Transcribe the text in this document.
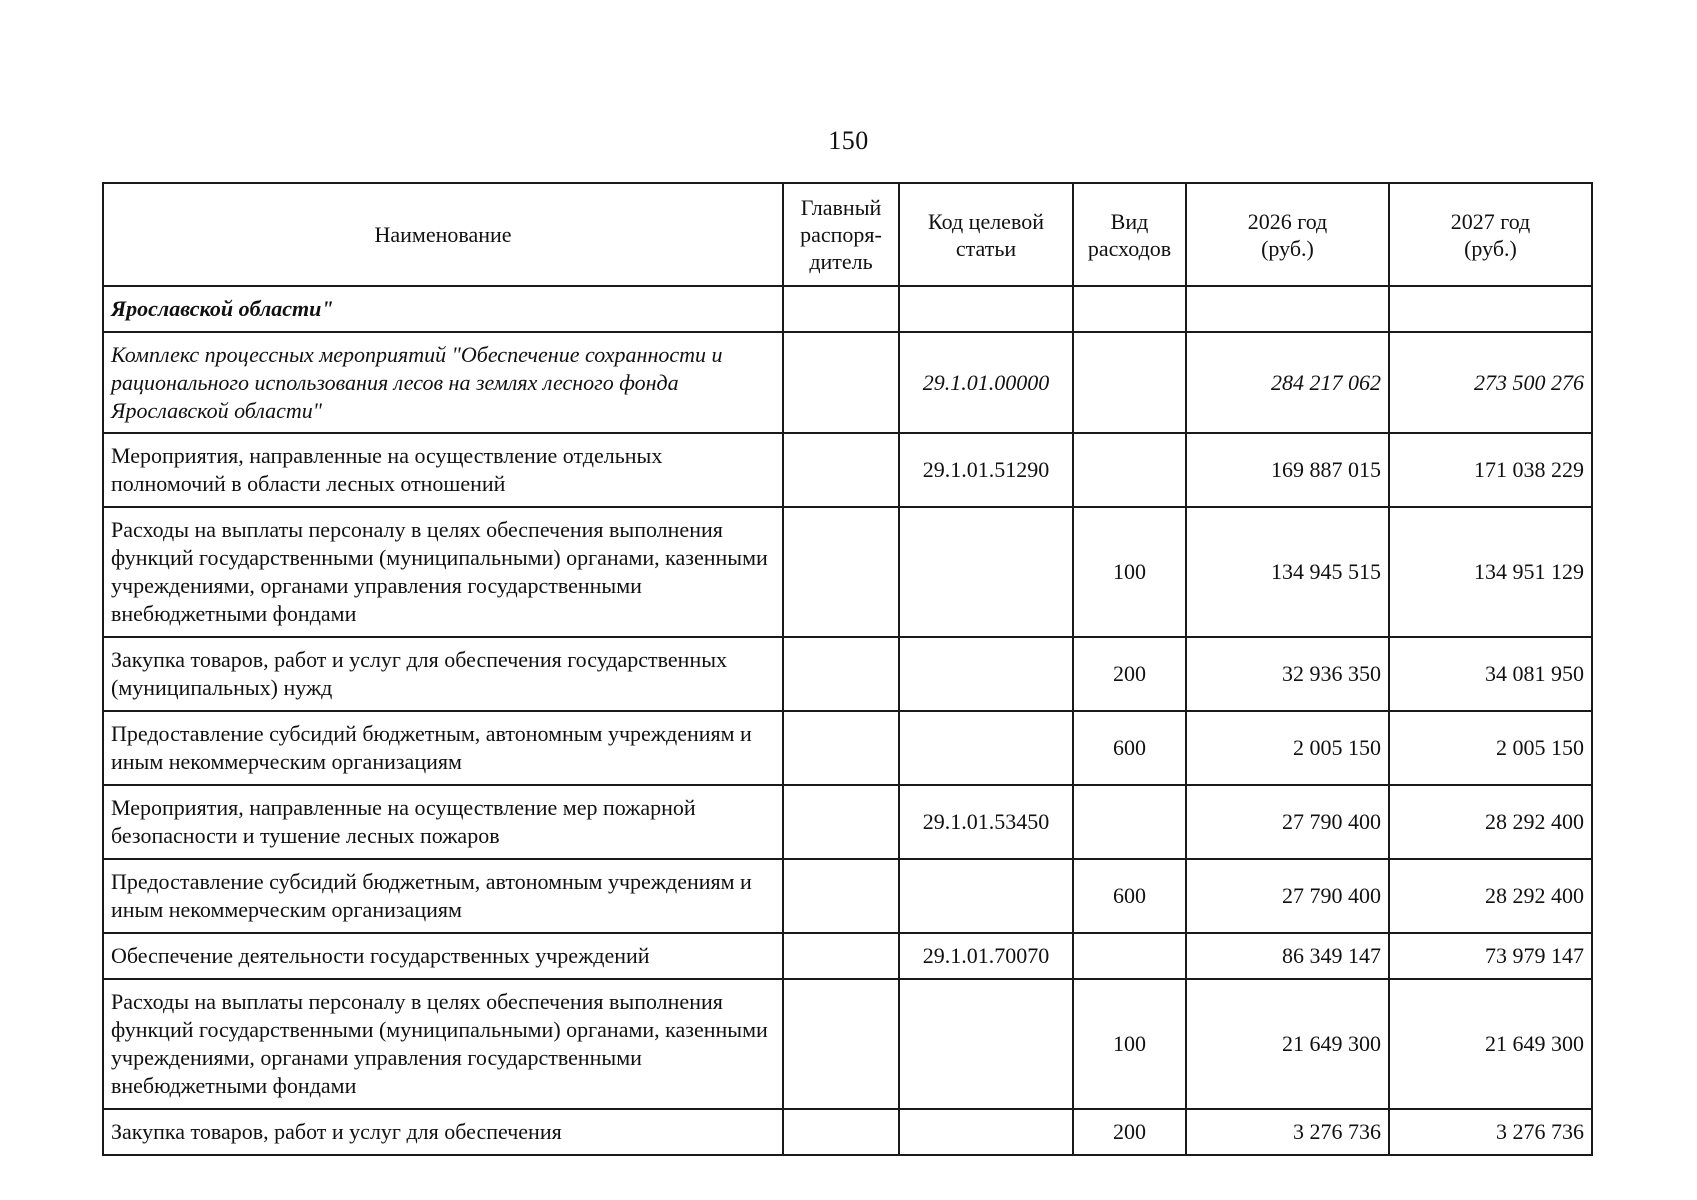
150
Наименование	Главный распоря-дитель	Код целевой статьи	Вид расходов	2026 год (руб.)	2027 год (руб.)
Ярославской области"					
Комплекс процессных мероприятий "Обеспечение сохранности и рационального использования лесов на землях лесного фонда Ярославской области"		29.1.01.00000		284 217 062	273 500 276
Мероприятия, направленные на осуществление отдельных полномочий в области лесных отношений		29.1.01.51290		169 887 015	171 038 229
Расходы на выплаты персоналу в целях обеспечения выполнения функций государственными (муниципальными) органами, казенными учреждениями, органами управления государственными внебюджетными фондами			100	134 945 515	134 951 129
Закупка товаров, работ и услуг для обеспечения государственных (муниципальных) нужд			200	32 936 350	34 081 950
Предоставление субсидий бюджетным, автономным учреждениям и иным некоммерческим организациям			600	2 005 150	2 005 150
Мероприятия, направленные на осуществление мер пожарной безопасности и тушение лесных пожаров		29.1.01.53450		27 790 400	28 292 400
Предоставление субсидий бюджетным, автономным учреждениям и иным некоммерческим организациям			600	27 790 400	28 292 400
Обеспечение деятельности государственных учреждений		29.1.01.70070		86 349 147	73 979 147
Расходы на выплаты персоналу в целях обеспечения выполнения функций государственными (муниципальными) органами, казенными учреждениями, органами управления государственными внебюджетными фондами			100	21 649 300	21 649 300
Закупка товаров, работ и услуг для обеспечения			200	3 276 736	3 276 736
